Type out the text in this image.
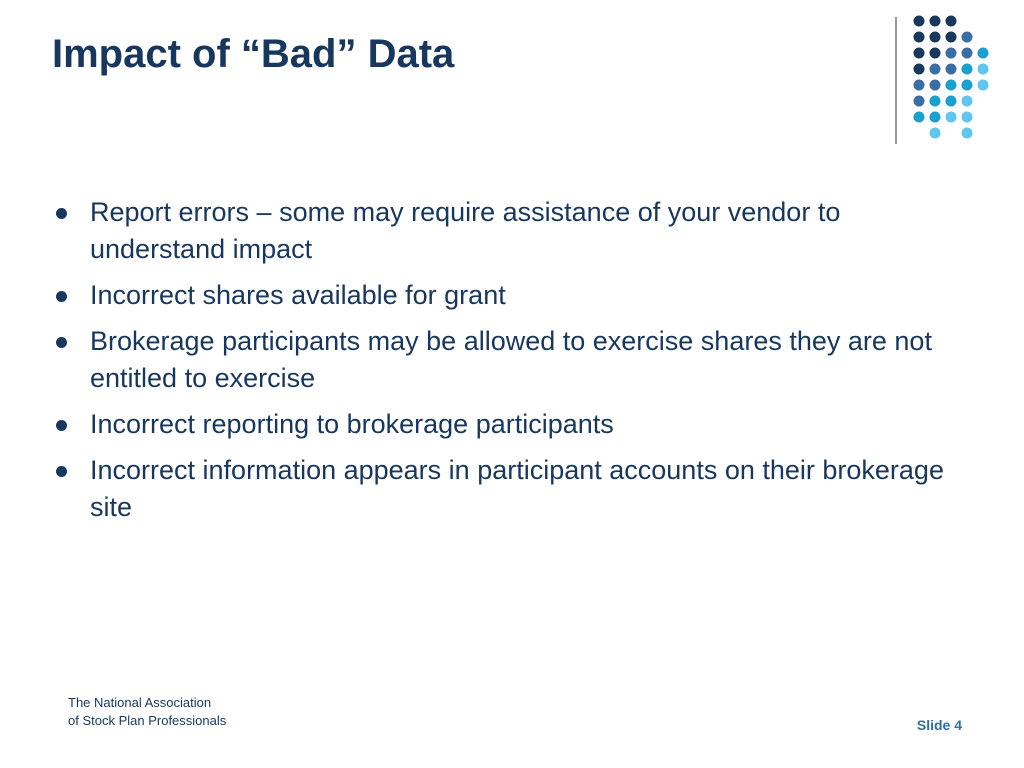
Impact of “Bad” Data
Report errors – some may require assistance of your vendor to understand impact
Incorrect shares available for grant
Brokerage participants may be allowed to exercise shares they are not entitled to exercise
Incorrect reporting to brokerage participants
Incorrect information appears in participant accounts on their brokerage site
The National Association
of Stock Plan Professionals	Slide 4
